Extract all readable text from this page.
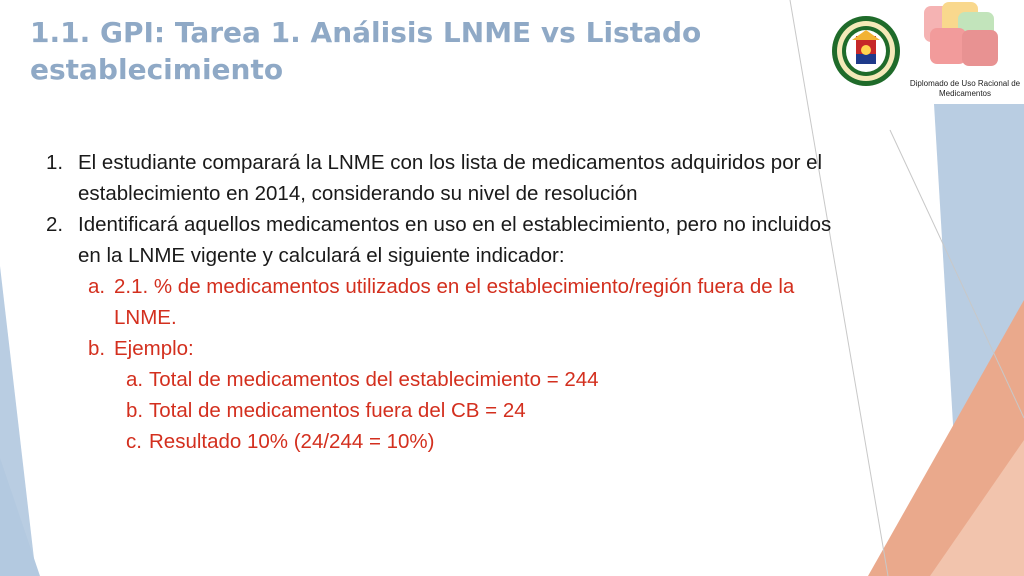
1.1. GPI: Tarea 1. Análisis LNME vs Listado establecimiento	Diplomado de Uso Racional de
Medicamentos
1. El estudiante comparará la LNME con los lista de medicamentos adquiridos por el establecimiento en 2014, considerando su nivel de resolución
2. Identificará aquellos medicamentos en uso en el establecimiento, pero no incluidos en la LNME vigente y calculará el siguiente indicador:
a. 2.1. % de medicamentos utilizados en el establecimiento/región fuera de la LNME.
b. Ejemplo:
a. Total de medicamentos del establecimiento = 244
b. Total de medicamentos fuera del CB = 24
c. Resultado 10% (24/244 = 10%)
